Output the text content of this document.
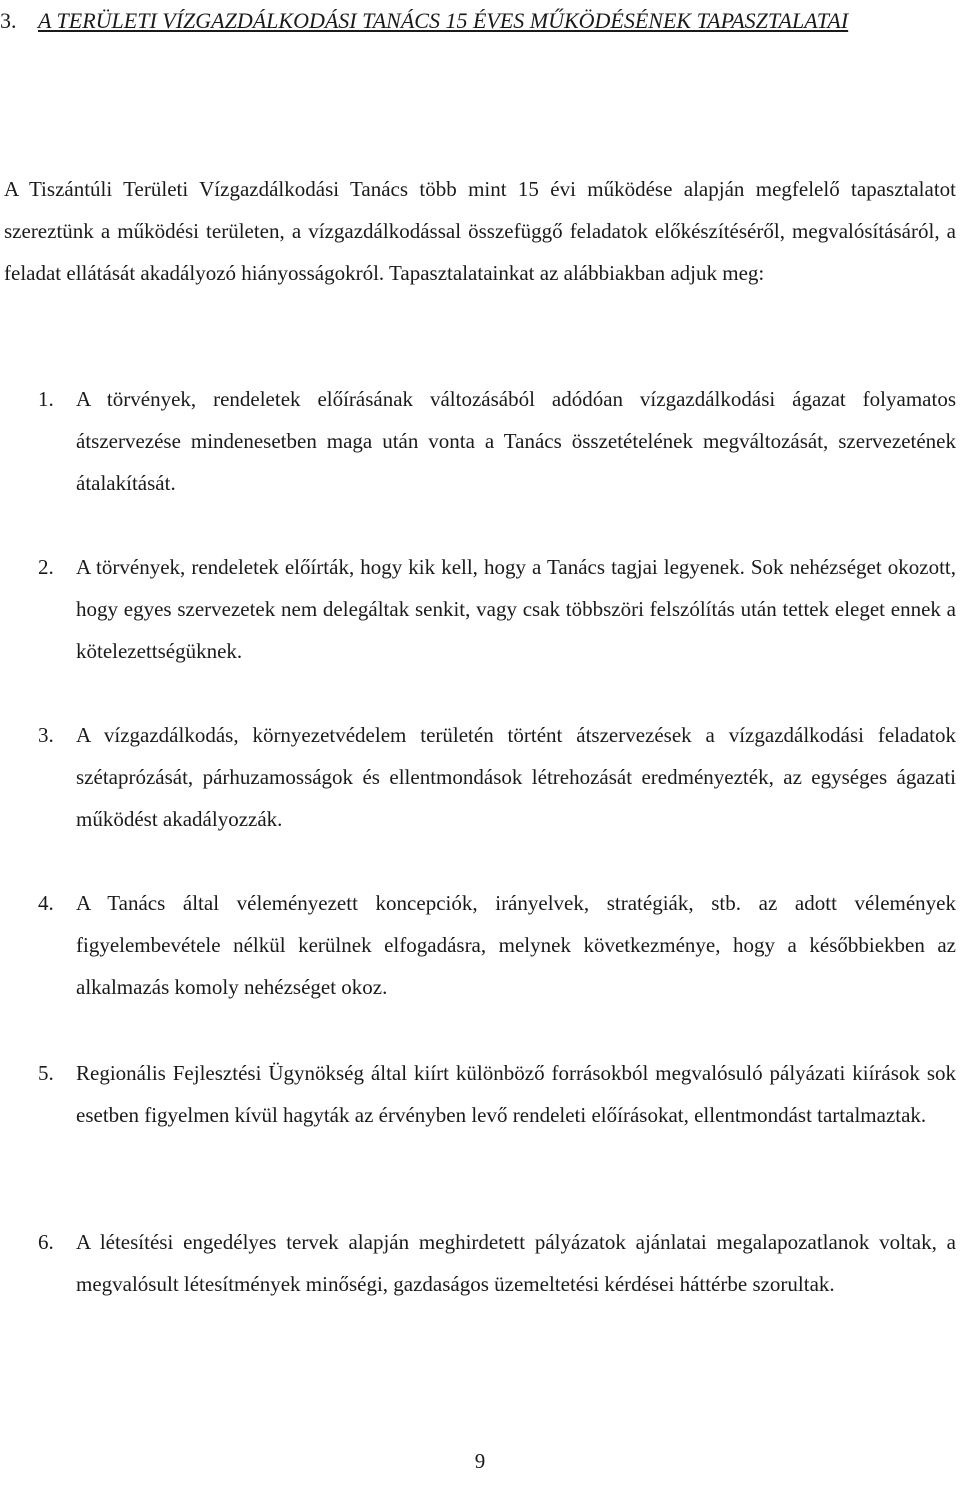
3. A TERÜLETI VÍZGAZDÁLKODÁSI TANÁCS 15 ÉVES MŰKÖDÉSÉNEK TAPASZTALATAI
A Tiszántúli Területi Vízgazdálkodási Tanács több mint 15 évi működése alapján megfelelő tapasztalatot szereztünk a működési területen, a vízgazdálkodással összefüggő feladatok előkészítéséről, megvalósításáról, a feladat ellátását akadályozó hiányosságokról. Tapasztalatainkat az alábbiakban adjuk meg:
1.	A törvények, rendeletek előírásának változásából adódóan vízgazdálkodási ágazat folyamatos átszervezése mindenesetben maga után vonta a Tanács összetételének megváltozását, szervezetének átalakítását.
2.	A törvények, rendeletek előírták, hogy kik kell, hogy a Tanács tagjai legyenek. Sok nehézséget okozott, hogy egyes szervezetek nem delegáltak senkit, vagy csak többszöri felszólítás után tettek eleget ennek a kötelezettségüknek.
3.	A vízgazdálkodás, környezetvédelem területén történt átszervezések a vízgazdálkodási feladatok szétaprózását, párhuzamosságok és ellentmondások létrehozását eredményezték, az egységes ágazati működést akadályozzák.
4.	A Tanács által véleményezett koncepciók, irányelvek, stratégiák, stb. az adott vélemények figyelembevétele nélkül kerülnek elfogadásra, melynek következménye, hogy a későbbiekben az alkalmazás komoly nehézséget okoz.
5.	Regionális Fejlesztési Ügynökség által kiírt különböző forrásokból megvalósuló pályázati kiírások sok esetben figyelmen kívül hagyták az érvényben levő rendeleti előírásokat, ellentmondást tartalmaztak.
6.	A létesítési engedélyes tervek alapján meghirdetett pályázatok ajánlatai megalapozatlanok voltak, a megvalósult létesítmények minőségi, gazdaságos üzemeltetési kérdései háttérbe szorultak.
9
